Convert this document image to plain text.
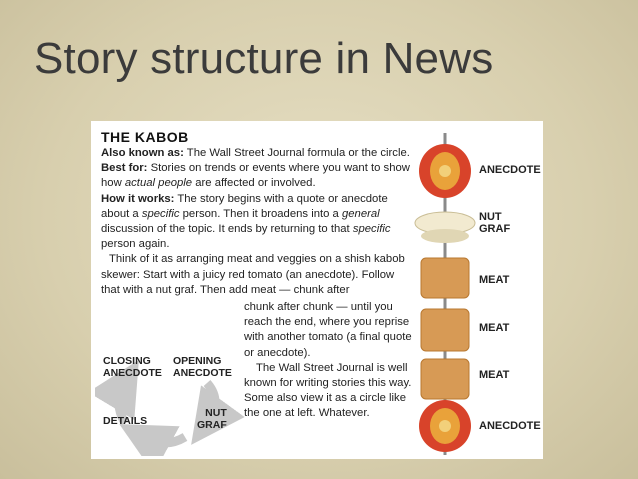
Story structure in News
THE KABOB
Also known as: The Wall Street Journal formula or the circle.
Best for: Stories on trends or events where you want to show how actual people are affected or involved.
How it works: The story begins with a quote or anecdote about a specific person. Then it broadens into a general discussion of the topic. It ends by returning to that specific person again.
Think of it as arranging meat and veggies on a shish kabob skewer: Start with a juicy red tomato (an anecdote). Follow that with a nut graf. Then add meat — chunk after
chunk after chunk — until you reach the end, where you reprise with another tomato (a final quote or anecdote).
The Wall Street Journal is well known for writing stories this way. Some also view it as a circle like the one at left. Whatever.
CLOSING
ANECDOTE
OPENING
ANECDOTE
DETAILS
NUT
GRAF
ANECDOTE
NUT
GRAF
MEAT
MEAT
MEAT
ANECDOTE
